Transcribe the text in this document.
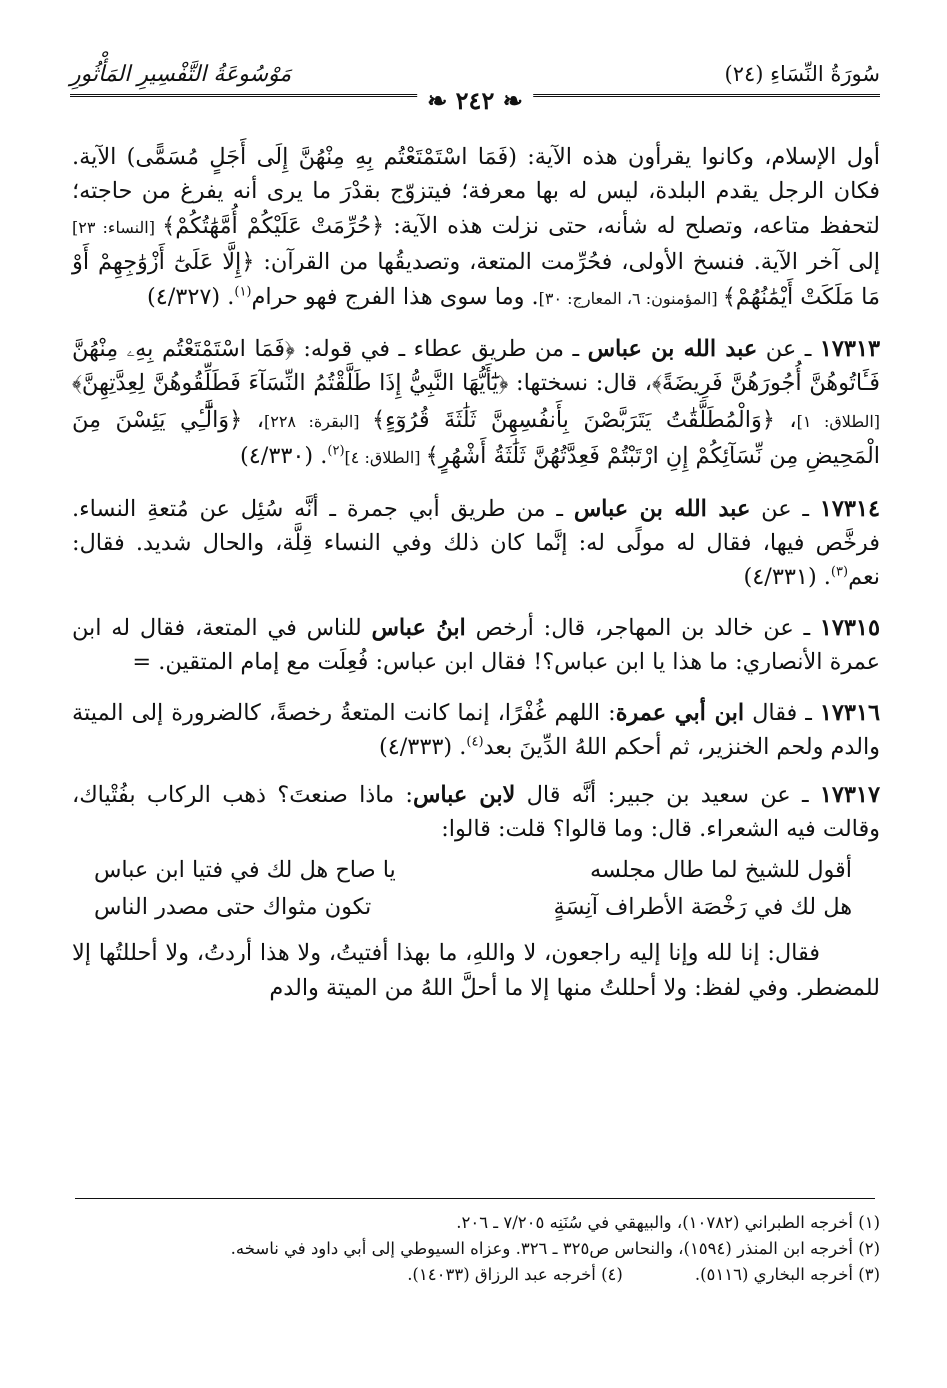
سُورَةُ النِّسَاءِ (٢٤)
مَوْسُوعَةُ التَّفْسِيرِ المَأْثُورِ
❧ ٢٤٢ ❧

أول الإسلام، وكانوا يقرأون هذه الآية: (فَمَا اسْتَمْتَعْتُم بِهِ مِنْهُنَّ إِلَى أَجَلٍ مُسَمًّى) الآية. فكان الرجل يقدم البلدة، ليس له بها معرفة؛ فيتزوّج بقدْرَ ما يرى أنه يفرغ من حاجته؛ لتحفظ متاعه، وتصلح له شأنه، حتى نزلت هذه الآية: ﴿حُرِّمَتْ عَلَيْكُمْ أُمَّهَٰتُكُمْ﴾ [النساء: ٢٣] إلى آخر الآية. فنسخ الأولى، فحُرِّمت المتعة، وتصديقُها من القرآن: ﴿إِلَّا عَلَىٰٓ أَزْوَٰجِهِمْ أَوْ مَا مَلَكَتْ أَيْمَٰنُهُمْ﴾ [المؤمنون: ٦، المعارج: ٣٠]. وما سوى هذا الفرج فهو حرام$^{(١)}$. (٤/٣٢٧)

١٧٣١٣ ـ عن عبد الله بن عباس ـ من طريق عطاء ـ في قوله: ﴿فَمَا اسْتَمْتَعْتُم بِهِۦ مِنْهُنَّ فَـَٔاتُوهُنَّ أُجُورَهُنَّ فَرِيضَةً﴾، قال: نسختها: ﴿يَٰٓأَيُّهَا النَّبِيُّ إِذَا طَلَّقْتُمُ النِّسَآءَ فَطَلِّقُوهُنَّ لِعِدَّتِهِنَّ﴾ [الطلاق: ١]، ﴿وَالْمُطَلَّقَٰتُ يَتَرَبَّصْنَ بِأَنفُسِهِنَّ ثَلَٰثَةَ قُرُوٓءٍ﴾ [البقرة: ٢٢٨]، ﴿وَالَّٰٓـِٔي يَئِسْنَ مِنَ الْمَحِيضِ مِن نِّسَآئِكُمْ إِنِ ارْتَبْتُمْ فَعِدَّتُهُنَّ ثَلَٰثَةُ أَشْهُرٍ﴾ [الطلاق: ٤]$^{(٢)}$. (٤/٣٣٠)

١٧٣١٤ ـ عن عبد الله بن عباس ـ من طريق أبي جمرة ـ أنَّه سُئِل عن مُتعةِ النساء. فرخَّص فيها، فقال له مولًى له: إنَّما كان ذلك وفي النساء قِلَّة، والحال شديد. فقال: نعم$^{(٣)}$. (٤/٣٣١)

١٧٣١٥ ـ عن خالد بن المهاجر، قال: أرخص ابنُ عباس للناس في المتعة، فقال له ابن عمرة الأنصاري: ما هذا يا ابن عباس؟! فقال ابن عباس: فُعِلَت مع إمام المتقين. =

١٧٣١٦ ـ فقال ابن أبي عمرة: اللهم غُفْرًا، إنما كانت المتعةُ رخصةً، كالضرورة إلى الميتة والدم ولحم الخنزير، ثم أحكم اللهُ الدِّينَ بعد$^{(٤)}$. (٤/٣٣٣)

١٧٣١٧ ـ عن سعيد بن جبير: أنَّه قال لابن عباس: ماذا صنعتَ؟ ذهب الركاب بفُتْياك، وقالت فيه الشعراء. قال: وما قالوا؟ قلت: قالوا:

أقول للشيخ لما طال مجلسه
يا صاح هل لك في فتيا ابن عباس
هل لك في رَخْصَة الأطراف آنِسَةٍ
تكون مثواك حتى مصدر الناس

فقال: إنا لله وإنا إليه راجعون، لا واللهِ، ما بهذا أفتيتُ، ولا هذا أردتُ، ولا أحللتُها إلا للمضطر. وفي لفظ: ولا أحللتُ منها إلا ما أحلَّ اللهُ من الميتة والدم

(١) أخرجه الطبراني (١٠٧٨٢)، والبيهقي في سُنَنِه ٧/٢٠٥ ـ ٢٠٦.

(٢) أخرجه ابن المنذر (١٥٩٤)، والنحاس ص٣٢٥ ـ ٣٢٦. وعزاه السيوطي إلى أبي داود في ناسخه.

(٣) أخرجه البخاري (٥١١٦).

(٤) أخرجه عبد الرزاق (١٤٠٣٣).
